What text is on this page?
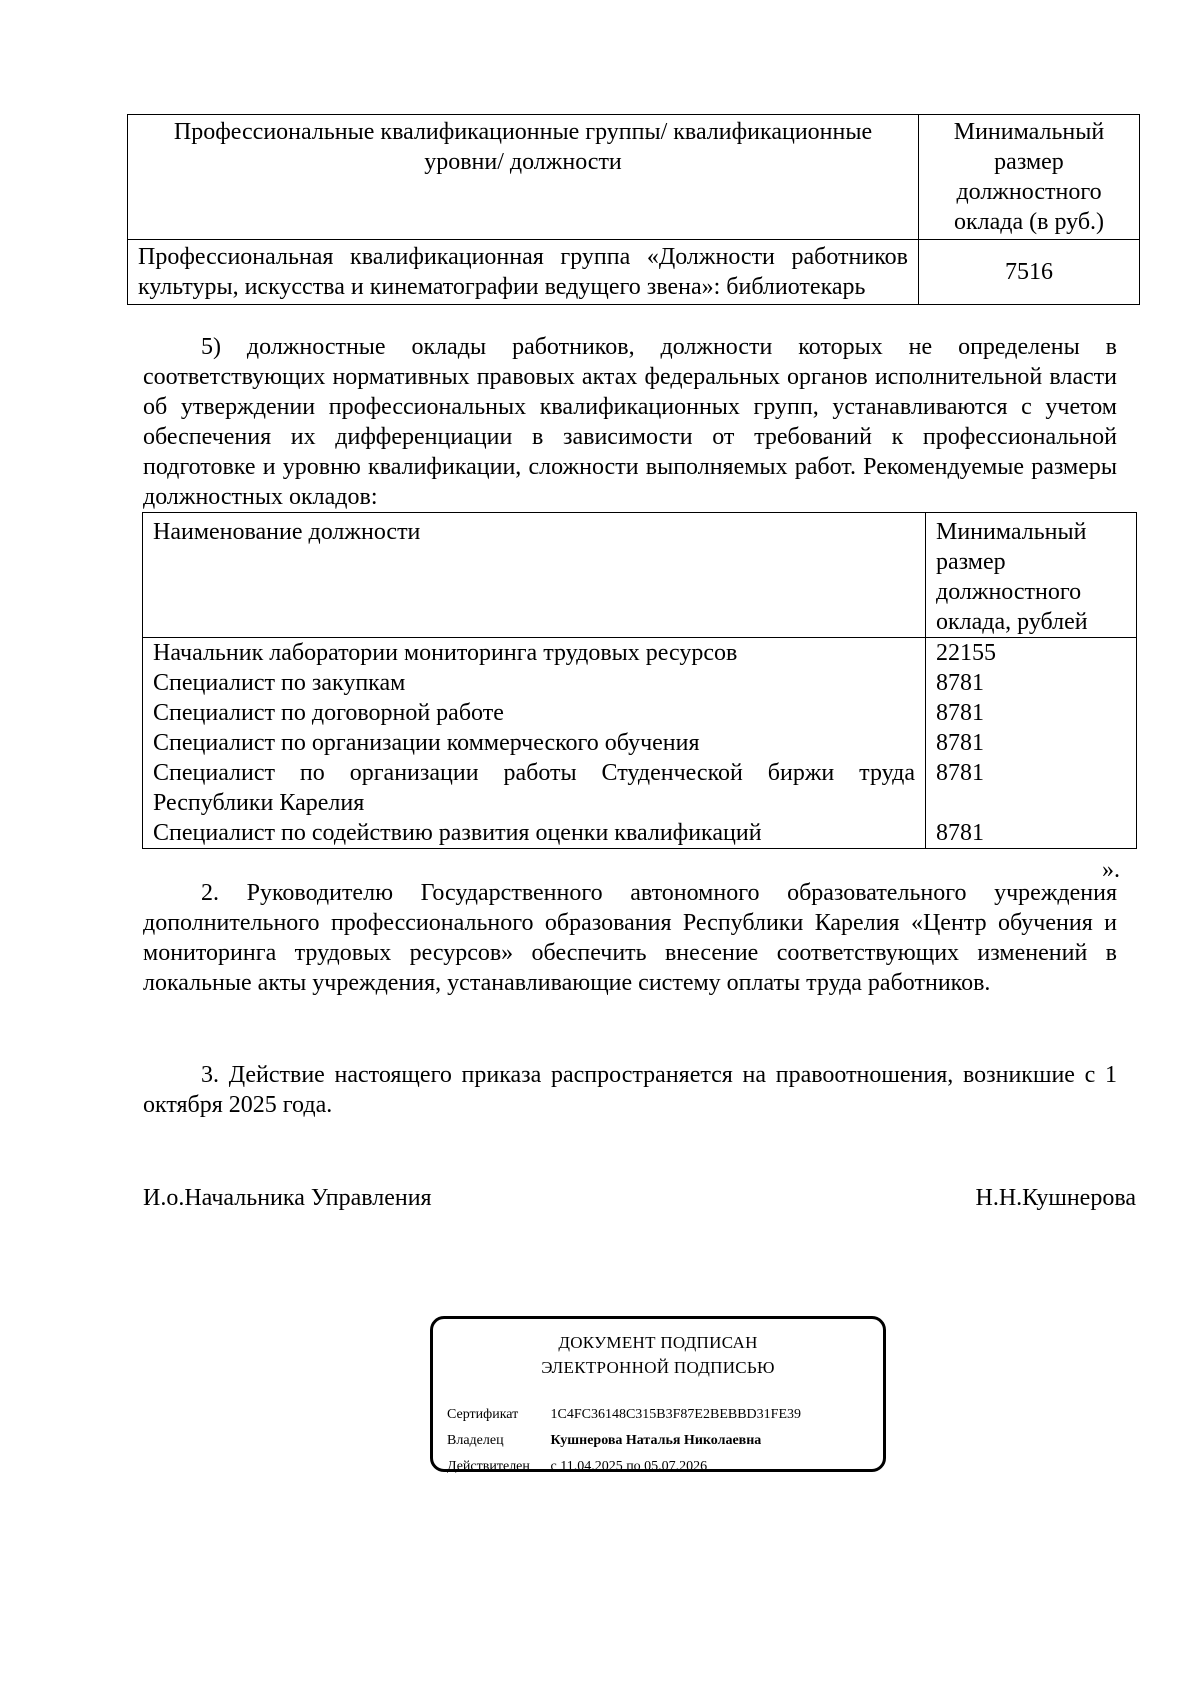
Профессиональные квалификационные группы/ квалификационные уровни/ должности	Минимальный размер должностного оклада (в руб.)
Профессиональная квалификационная группа «Должности работников культуры, искусства и кинематографии ведущего звена»: библиотекарь	7516
5) должностные оклады работников, должности которых не определены в соответствующих нормативных правовых актах федеральных органов исполнительной власти об утверждении профессиональных квалификационных групп, устанавливаются с учетом обеспечения их дифференциации в зависимости от требований к профессиональной подготовке и уровню квалификации, сложности выполняемых работ. Рекомендуемые размеры должностных окладов:
Наименование должности	Минимальный размер должностного оклада, рублей
Начальник лаборатории мониторинга трудовых ресурсов	22155
Специалист по закупкам	8781
Специалист по договорной работе	8781
Специалист по организации коммерческого обучения	8781
Специалист по организации работы Студенческой биржи труда Республики Карелия	8781
Специалист по содействию развития оценки квалификаций	8781
».
2. Руководителю Государственного автономного образовательного учреждения дополнительного профессионального образования Республики Карелия «Центр обучения и мониторинга трудовых ресурсов» обеспечить внесение соответствующих изменений в локальные акты учреждения, устанавливающие систему оплаты труда работников.
3. Действие настоящего приказа распространяется на правоотношения, возникшие с 1 октября 2025 года.
И.о.Начальника Управления	Н.Н.Кушнерова
ДОКУМЕНТ ПОДПИСАН
ЭЛЕКТРОННОЙ ПОДПИСЬЮ
Сертификат 1C4FC36148C315B3F87E2BEBBD31FE39
Владелец	Кушнерова Наталья Николаевна
Действителен с 11.04.2025 по 05.07.2026
